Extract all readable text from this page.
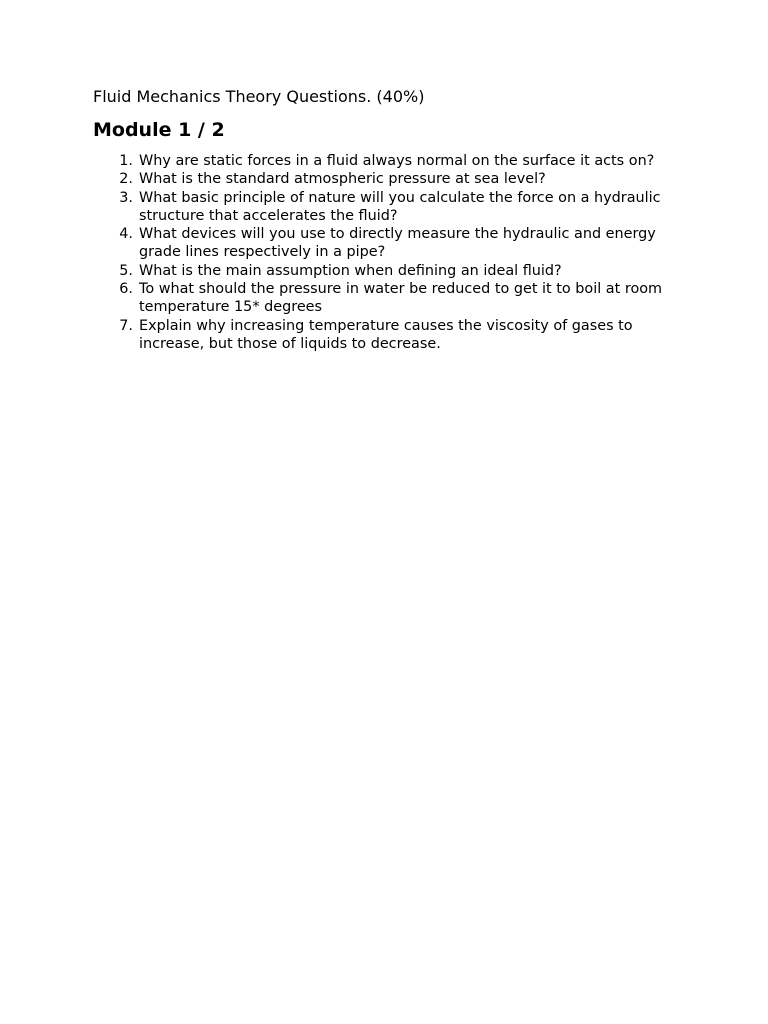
Fluid Mechanics Theory Questions. (40%)

Module 1 / 2
1. Why are static forces in a fluid always normal on the surface it acts on?
2. What is the standard atmospheric pressure at sea level?
3. What basic principle of nature will you calculate the force on a hydraulic structure that accelerates the fluid?
4. What devices will you use to directly measure the hydraulic and energy grade lines respectively in a pipe?
5. What is the main assumption when defining an ideal fluid?
6. To what should the pressure in water be reduced to get it to boil at room temperature 15* degrees
7. Explain why increasing temperature causes the viscosity of gases to increase, but those of liquids to decrease.
